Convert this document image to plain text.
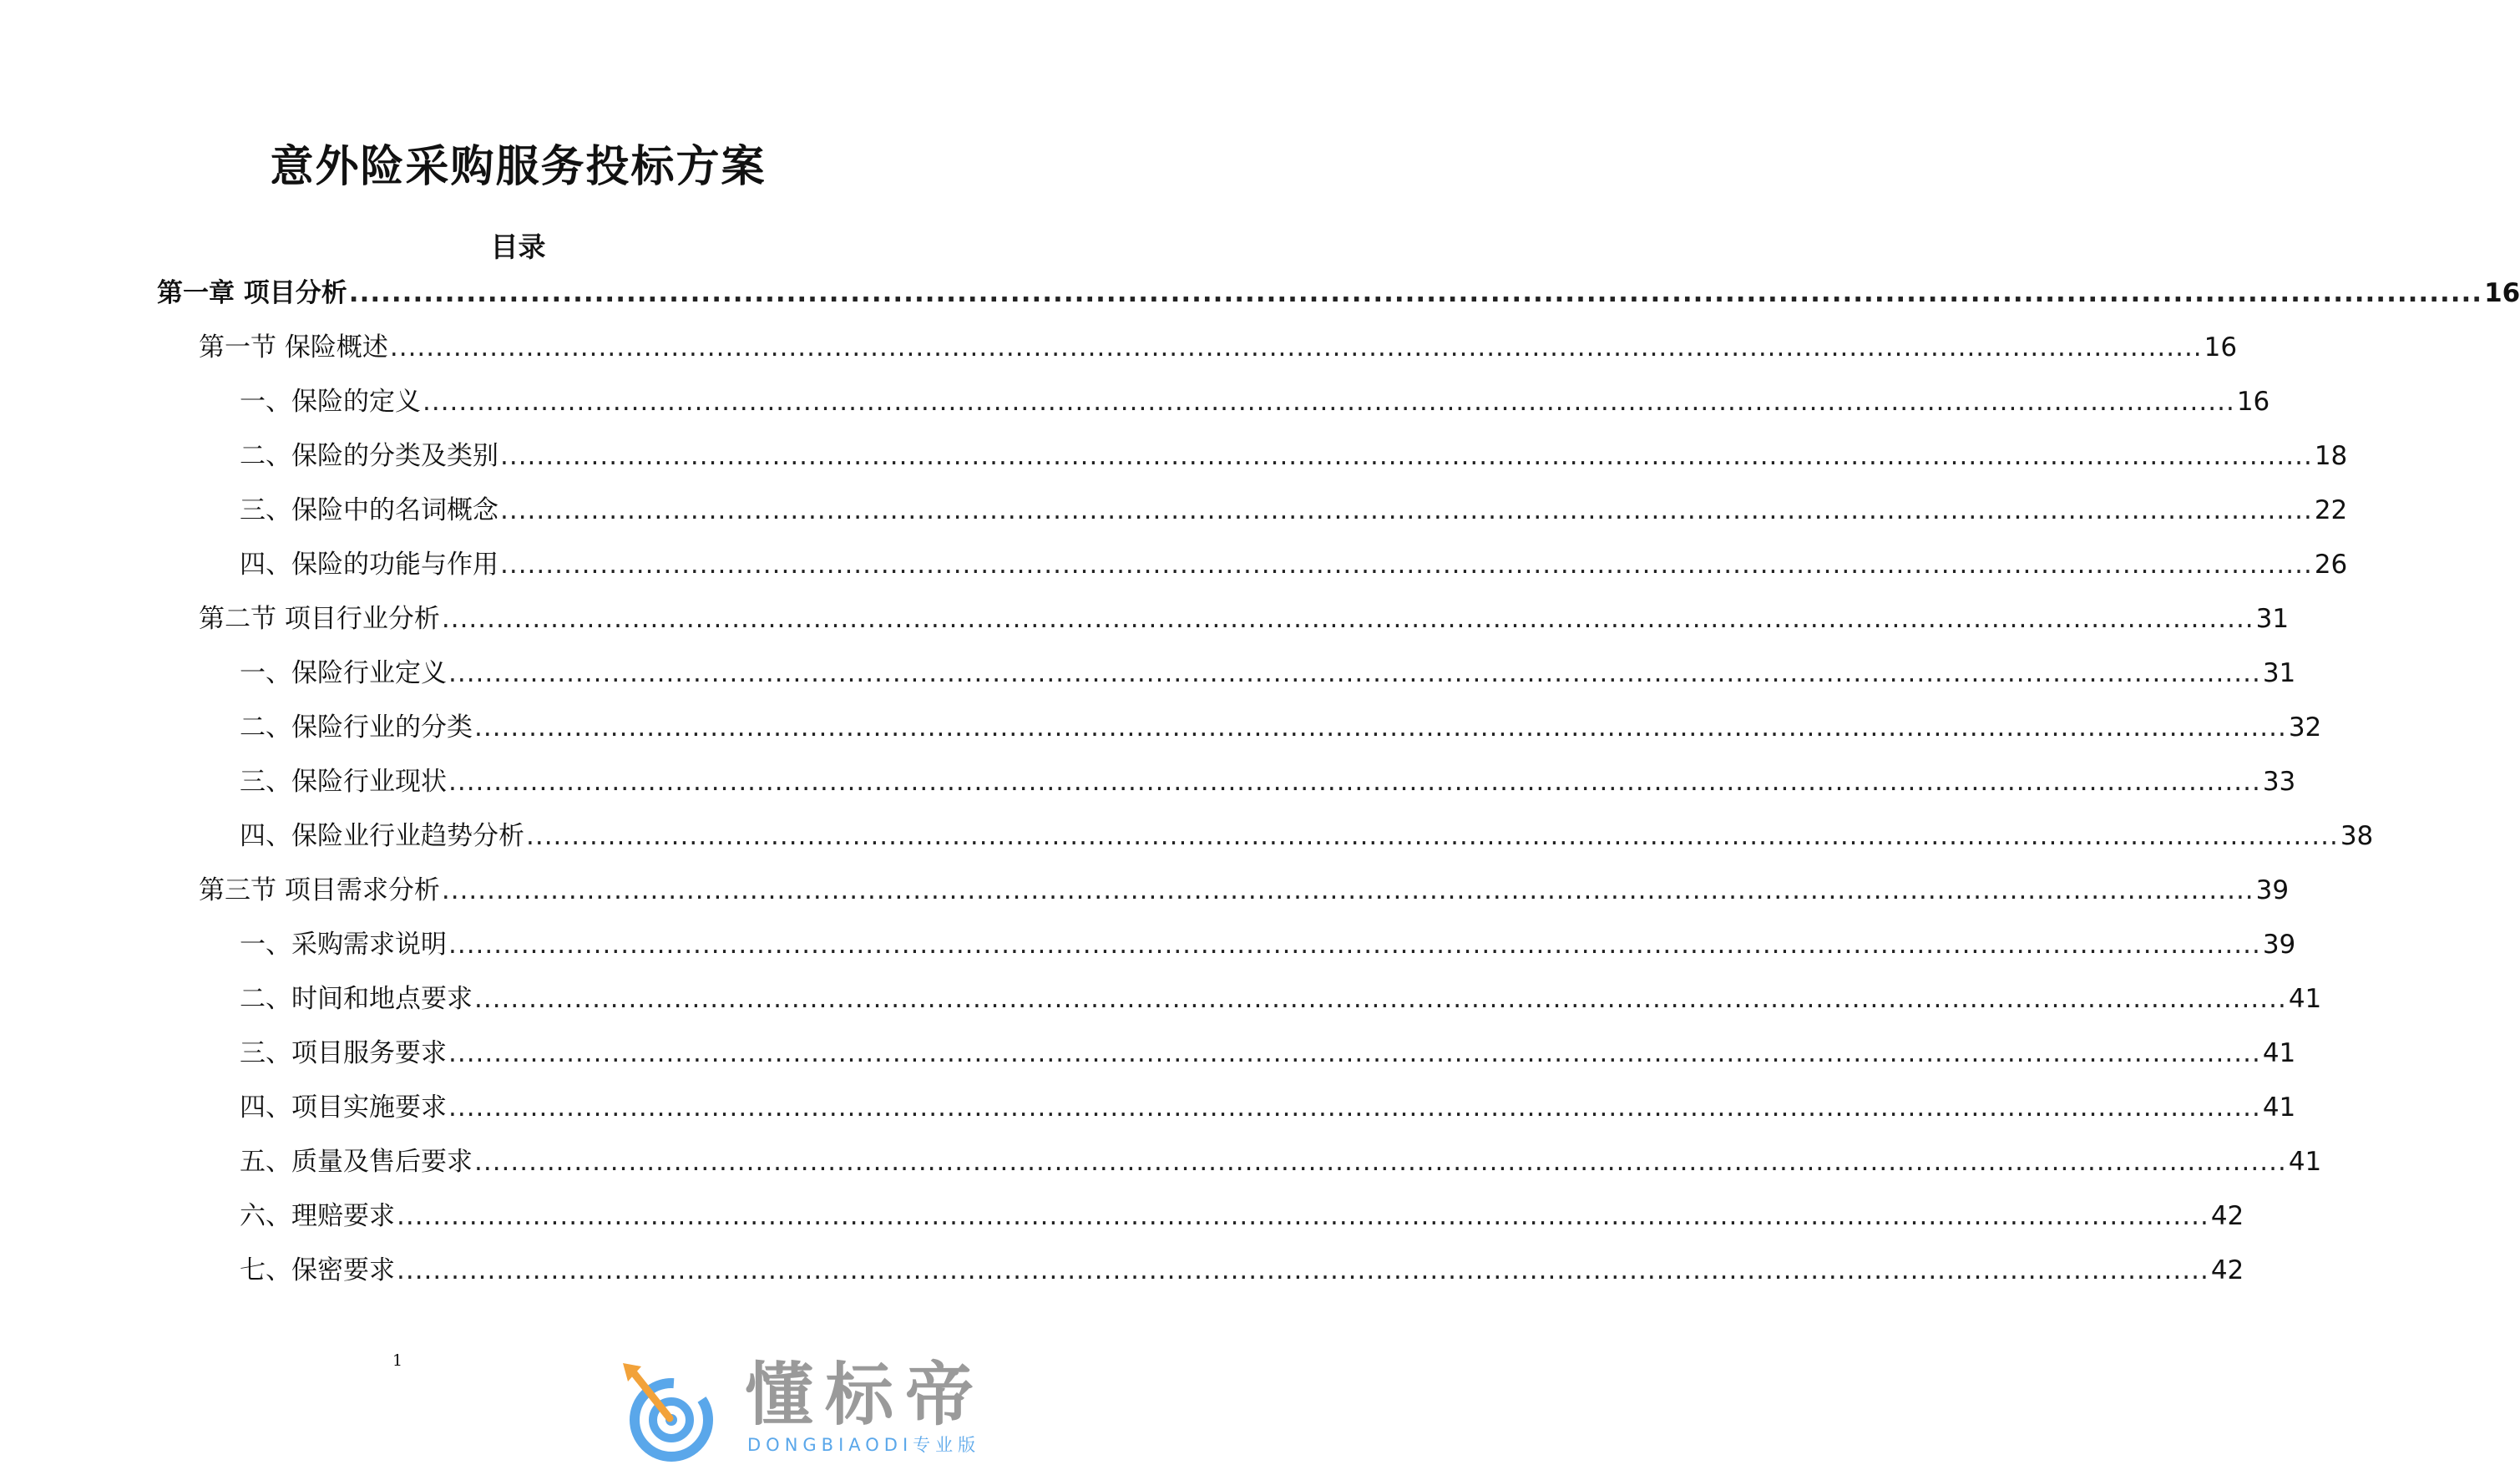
意外险采购服务投标方案
目录
第一章 项目分析 ........................................................................................................................................................................................................ 16
第一节 保险概述 ........................................................................................................................................................................................................ 16
一、保险的定义 ........................................................................................................................................................................................................ 16
二、保险的分类及类别 ........................................................................................................................................................................................................ 18
三、保险中的名词概念 ........................................................................................................................................................................................................ 22
四、保险的功能与作用 ........................................................................................................................................................................................................ 26
第二节 项目行业分析 ........................................................................................................................................................................................................ 31
一、保险行业定义 ........................................................................................................................................................................................................ 31
二、保险行业的分类 ........................................................................................................................................................................................................ 32
三、保险行业现状 ........................................................................................................................................................................................................ 33
四、保险业行业趋势分析 ........................................................................................................................................................................................................ 38
第三节 项目需求分析 ........................................................................................................................................................................................................ 39
一、采购需求说明 ........................................................................................................................................................................................................ 39
二、时间和地点要求 ........................................................................................................................................................................................................ 41
三、项目服务要求 ........................................................................................................................................................................................................ 41
四、项目实施要求 ........................................................................................................................................................................................................ 41
五、质量及售后要求 ........................................................................................................................................................................................................ 41
六、理赔要求 ........................................................................................................................................................................................................ 42
七、保密要求 ........................................................................................................................................................................................................ 42

1	懂标帝
DONGBIAODI专业版
